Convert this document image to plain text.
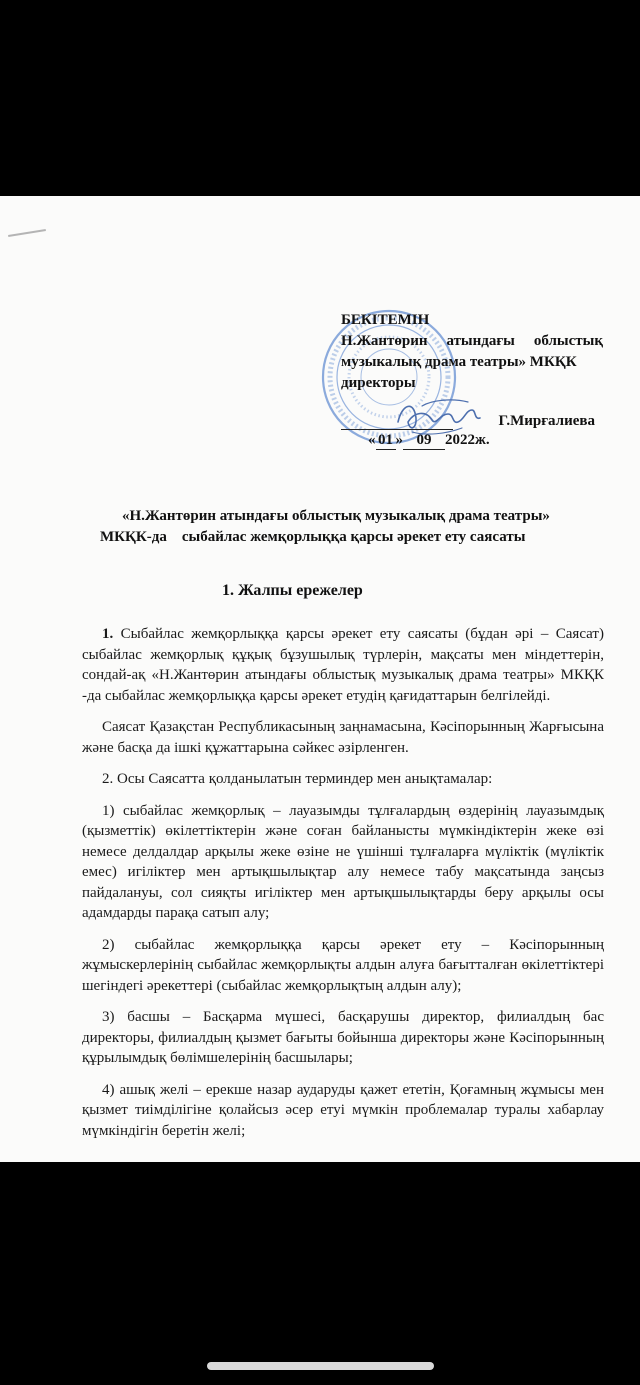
БЕКІТЕМІН
Н.Жантөрин атындағы облыстық
музыкалық драма театры» МКҚК
директоры
Г.Мирғалиева
« 01 » 09 2022ж.
«Н.Жантөрин атындағы облыстық музыкалық драма театры»
МКҚК-да    сыбайлас жемқорлыққа қарсы әрекет ету саясаты
1. Жалпы ережелер

1. Сыбайлас жемқорлыққа қарсы әрекет ету саясаты (бұдан әрі – Саясат) сыбайлас жемқорлық құқық бұзушылық түрлерін, мақсаты мен міндеттерін, сондай-ақ «Н.Жантөрин атындағы облыстық музыкалық драма театры» МКҚК -да сыбайлас жемқорлыққа қарсы әрекет етудің қағидаттарын белгілейді.

Саясат Қазақстан Республикасының заңнамасына, Кәсіпорынның Жарғысына және басқа да ішкі құжаттарына сәйкес әзірленген.

2. Осы Саясатта қолданылатын терминдер мен анықтамалар:

1) сыбайлас жемқорлық – лауазымды тұлғалардың өздерінің лауазымдық (қызметтік) өкілеттіктерін және соған байланысты мүмкіндіктерін жеке өзі немесе делдалдар арқылы жеке өзіне не үшінші тұлғаларға мүліктік (мүліктік емес) игіліктер мен артықшылықтар алу немесе табу мақсатында заңсыз пайдалануы, сол сияқты игіліктер мен артықшылықтарды беру арқылы осы адамдарды парақа сатып алу;

2) сыбайлас жемқорлыққа қарсы әрекет ету – Кәсіпорынның жұмыскерлерінің сыбайлас жемқорлықты алдын алуға бағытталған өкілеттіктері шегіндегі әрекеттері (сыбайлас жемқорлықтың алдын алу);

3) басшы – Басқарма мүшесі, басқарушы директор, филиалдың бас директоры, филиалдың қызмет бағыты бойынша директоры және Кәсіпорынның құрылымдық бөлімшелерінің басшылары;

4) ашық желі – ерекше назар аударуды қажет ететін, Қоғамның жұмысы мен қызмет тиімділігіне қолайсыз әсер етуі мүмкін проблемалар туралы хабарлау мүмкіндігін беретін желі;
